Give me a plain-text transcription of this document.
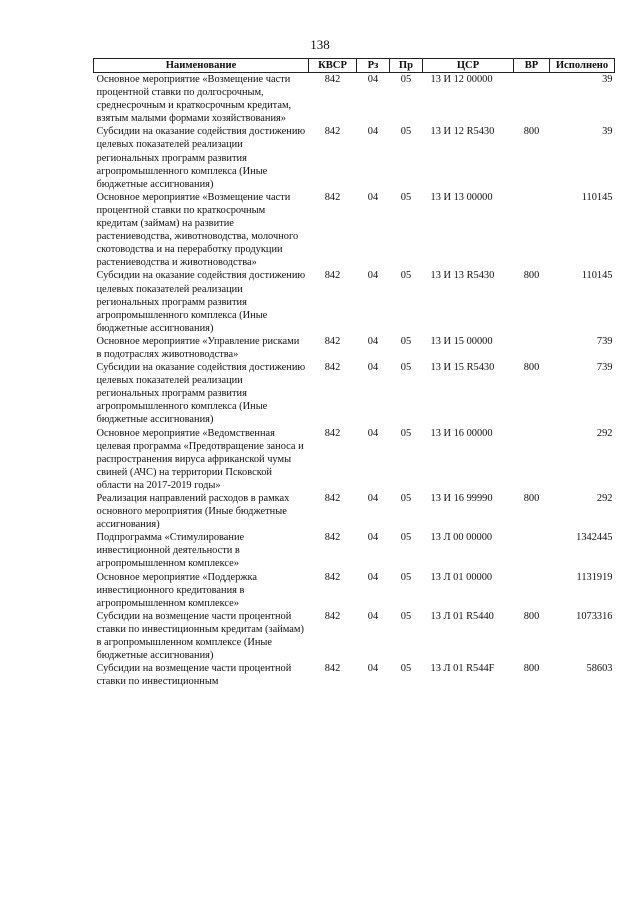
138
Наименование	КВСР	Рз	Пр	ЦСР	ВР	Исполнено
Основное мероприятие «Возмещение части процентной ставки по долгосрочным, среднесрочным и краткосрочным кредитам, взятым малыми формами хозяйствования»	842	04	05	13 И 12 00000		39
Субсидии на оказание содействия достижению целевых показателей реализации региональных программ развития агропромышленного комплекса (Иные бюджетные ассигнования)	842	04	05	13 И 12 R5430	800	39
Основное мероприятие «Возмещение части процентной ставки по краткосрочным кредитам (займам) на развитие растениеводства, животноводства, молочного скотоводства и на переработку продукции растениеводства и животноводства»	842	04	05	13 И 13 00000		110145
Субсидии на оказание содействия достижению целевых показателей реализации региональных программ развития агропромышленного комплекса (Иные бюджетные ассигнования)	842	04	05	13 И 13 R5430	800	110145
Основное мероприятие «Управление рисками в подотраслях животноводства»	842	04	05	13 И 15 00000		739
Субсидии на оказание содействия достижению целевых показателей реализации региональных программ развития агропромышленного комплекса (Иные бюджетные ассигнования)	842	04	05	13 И 15 R5430	800	739
Основное мероприятие «Ведомственная целевая программа «Предотвращение заноса и распространения вируса африканской чумы свиней (АЧС) на территории Псковской области на 2017-2019 годы»	842	04	05	13 И 16 00000		292
Реализация направлений расходов в рамках основного мероприятия (Иные бюджетные ассигнования)	842	04	05	13 И 16 99990	800	292
Подпрограмма «Стимулирование инвестиционной деятельности в агропромышленном комплексе»	842	04	05	13 Л 00 00000		1342445
Основное мероприятие «Поддержка инвестиционного кредитования в агропромышленном комплексе»	842	04	05	13 Л 01 00000		1131919
Субсидии на возмещение части процентной ставки по инвестиционным кредитам (займам) в агропромышленном комплексе (Иные бюджетные ассигнования)	842	04	05	13 Л 01 R5440	800	1073316
Субсидии на возмещение части процентной ставки по инвестиционным	842	04	05	13 Л 01 R544F	800	58603
